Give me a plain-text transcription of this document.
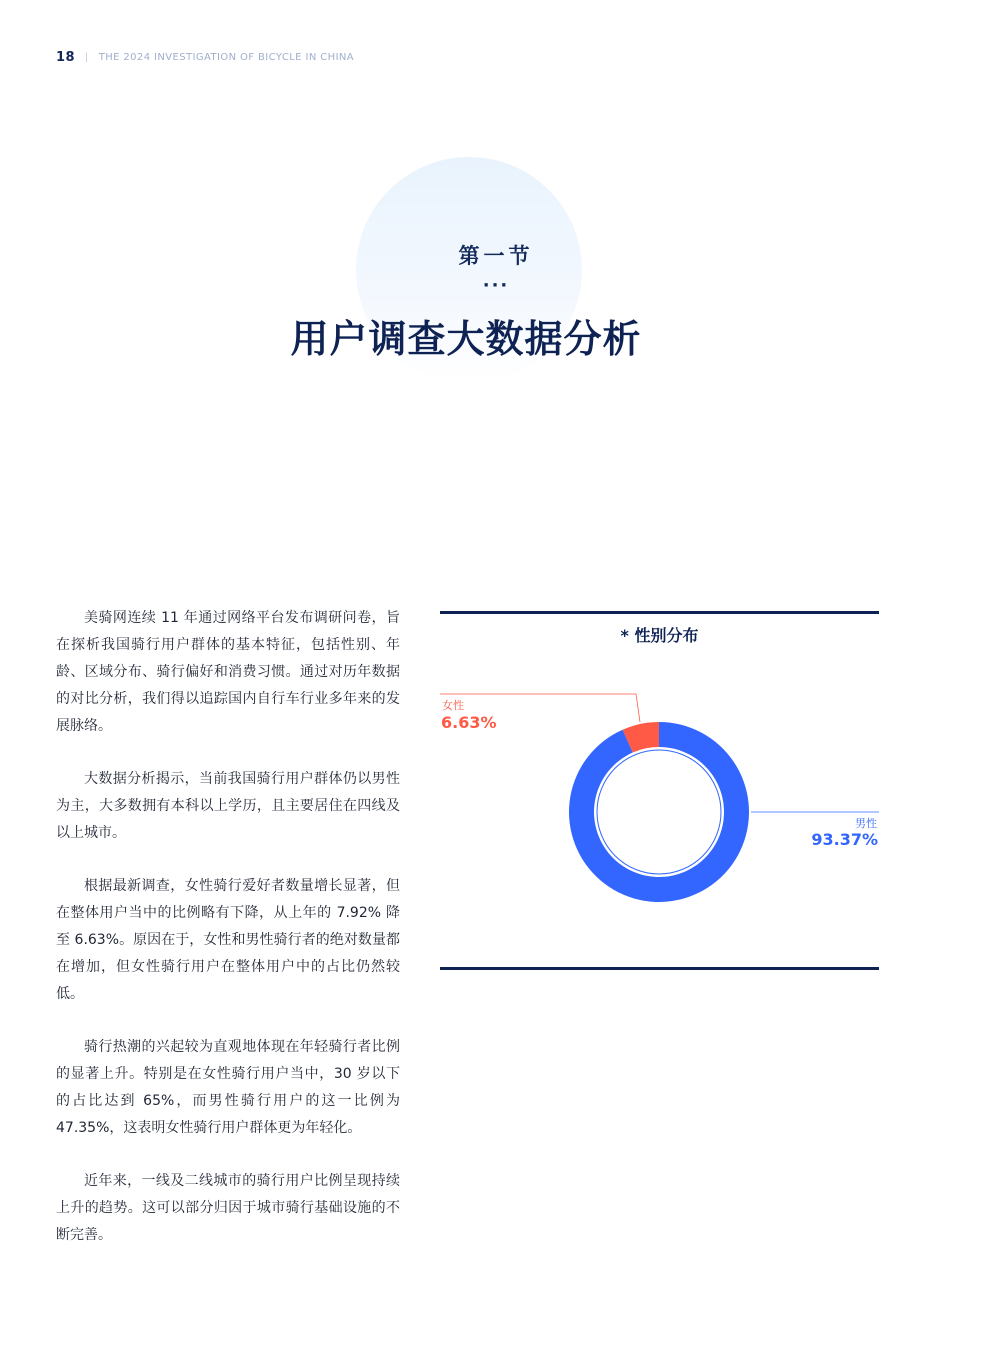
18 | THE 2024 INVESTIGATION OF BICYCLE IN CHINA
第一节
···
用户调查大数据分析

美骑网连续 11 年通过网络平台发布调研问卷，旨在探析我国骑行用户群体的基本特征，包括性别、年龄、区域分布、骑行偏好和消费习惯。通过对历年数据的对比分析，我们得以追踪国内自行车行业多年来的发展脉络。

大数据分析揭示，当前我国骑行用户群体仍以男性为主，大多数拥有本科以上学历，且主要居住在四线及以上城市。

根据最新调查，女性骑行爱好者数量增长显著，但在整体用户当中的比例略有下降，从上年的 7.92% 降至 6.63%。原因在于，女性和男性骑行者的绝对数量都在增加，但女性骑行用户在整体用户中的占比仍然较低。

骑行热潮的兴起较为直观地体现在年轻骑行者比例的显著上升。特别是在女性骑行用户当中，30 岁以下的占比达到 65%，而男性骑行用户的这一比例为 47.35%，这表明女性骑行用户群体更为年轻化。

近年来，一线及二线城市的骑行用户比例呈现持续上升的趋势。这可以部分归因于城市骑行基础设施的不断完善。

* 性别分布
女性
6.63%
男性
93.37%
